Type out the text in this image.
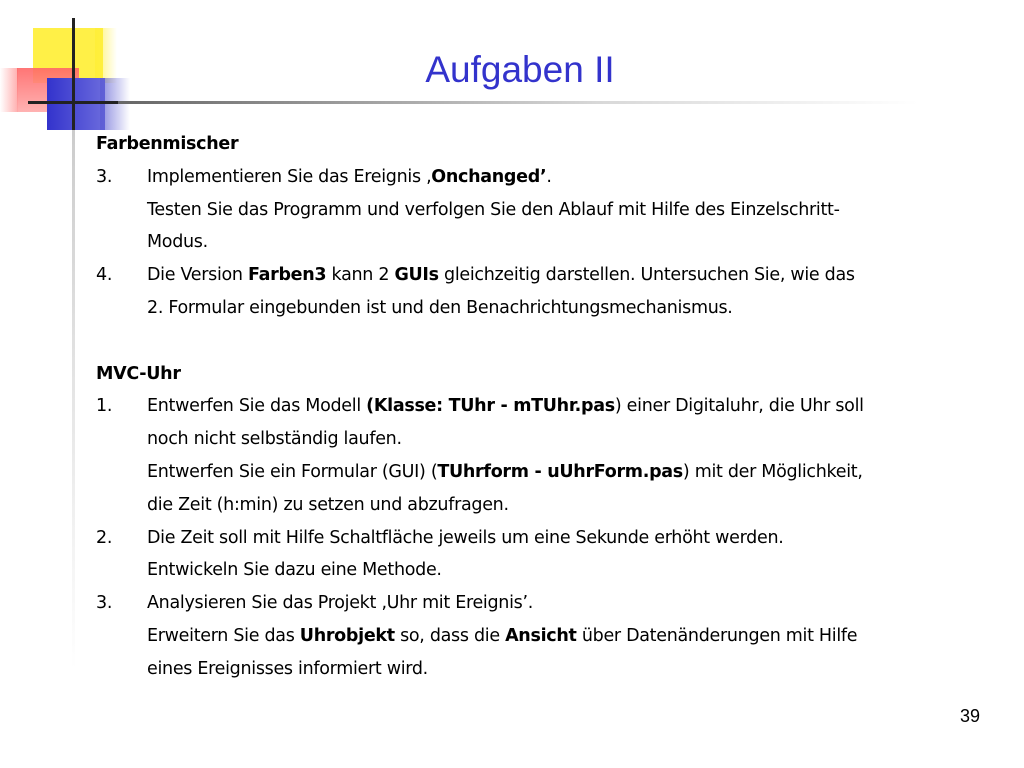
Aufgaben II
Farbenmischer
3. Implementieren Sie das Ereignis ‚Onchanged’.
Testen Sie das Programm und verfolgen Sie den Ablauf mit Hilfe des Einzelschritt-
Modus.
4. Die Version Farben3 kann 2 GUIs gleichzeitig darstellen. Untersuchen Sie, wie das
2. Formular eingebunden ist und den Benachrichtungsmechanismus.
MVC-Uhr
1. Entwerfen Sie das Modell (Klasse: TUhr - mTUhr.pas) einer Digitaluhr, die Uhr soll
noch nicht selbständig laufen.
Entwerfen Sie ein Formular (GUI) (TUhrform - uUhrForm.pas) mit der Möglichkeit,
die Zeit (h:min) zu setzen und abzufragen.
2. Die Zeit soll mit Hilfe Schaltfläche jeweils um eine Sekunde erhöht werden.
Entwickeln Sie dazu eine Methode.
3. Analysieren Sie das Projekt ‚Uhr mit Ereignis’.
Erweitern Sie das Uhrobjekt so, dass die Ansicht über Datenänderungen mit Hilfe
eines Ereignisses informiert wird.
39
